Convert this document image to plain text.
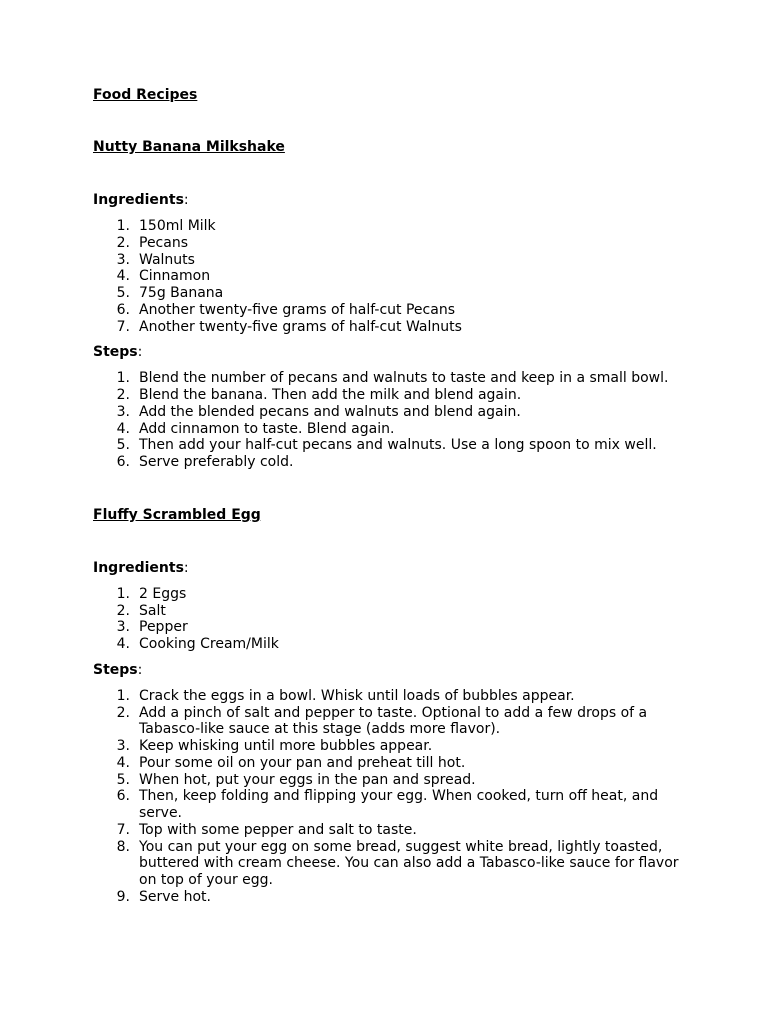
Food Recipes

Nutty Banana Milkshake

Ingredients:

1. 150ml Milk
2. Pecans
3. Walnuts
4. Cinnamon
5. 75g Banana
6. Another twenty-five grams of half-cut Pecans
7. Another twenty-five grams of half-cut Walnuts

Steps:

1. Blend the number of pecans and walnuts to taste and keep in a small bowl.
2. Blend the banana. Then add the milk and blend again.
3. Add the blended pecans and walnuts and blend again.
4. Add cinnamon to taste. Blend again.
5. Then add your half-cut pecans and walnuts. Use a long spoon to mix well.
6. Serve preferably cold.

Fluffy Scrambled Egg

Ingredients:

1. 2 Eggs
2. Salt
3. Pepper
4. Cooking Cream/Milk

Steps:

1. Crack the eggs in a bowl. Whisk until loads of bubbles appear.
2. Add a pinch of salt and pepper to taste. Optional to add a few drops of a Tabasco-like sauce at this stage (adds more flavor).
3. Keep whisking until more bubbles appear.
4. Pour some oil on your pan and preheat till hot.
5. When hot, put your eggs in the pan and spread.
6. Then, keep folding and flipping your egg. When cooked, turn off heat, and serve.
7. Top with some pepper and salt to taste.
8. You can put your egg on some bread, suggest white bread, lightly toasted, buttered with cream cheese. You can also add a Tabasco-like sauce for flavor on top of your egg.
9. Serve hot.
